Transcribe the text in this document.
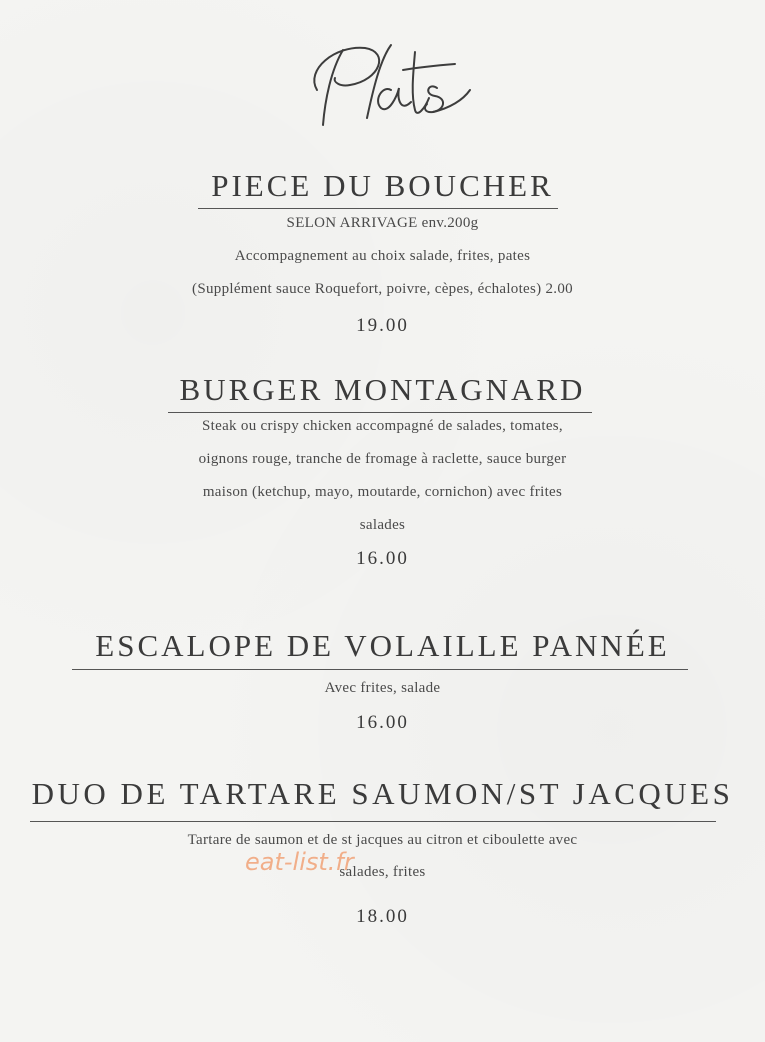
Plats
PIECE DU BOUCHER
SELON ARRIVAGE env.200g
Accompagnement au choix salade, frites, pates
(Supplément sauce Roquefort, poivre, cèpes, échalotes) 2.00
19.00
BURGER MONTAGNARD
Steak ou crispy chicken accompagné de salades, tomates,
oignons rouge, tranche de fromage à raclette, sauce burger
maison (ketchup, mayo, moutarde, cornichon) avec frites
salades
16.00
ESCALOPE DE VOLAILLE PANNÉE
Avec frites, salade
16.00
DUO DE TARTARE SAUMON/ST JACQUES
Tartare de saumon et de st jacques au citron et ciboulette avec
salades, frites
18.00
eat-list.fr
